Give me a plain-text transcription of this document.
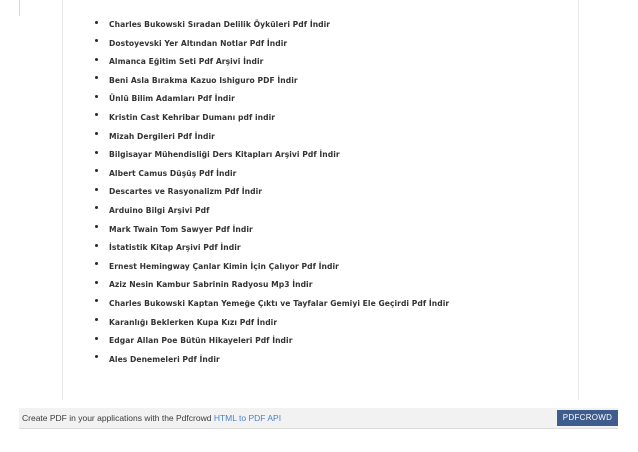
Charles Bukowski Sıradan Delilik Öyküleri Pdf İndir
Dostoyevski Yer Altından Notlar Pdf İndir
Almanca Eğitim Seti Pdf Arşivi İndir
Beni Asla Bırakma Kazuo Ishiguro PDF İndir
Ünlü Bilim Adamları Pdf İndir
Kristin Cast Kehribar Dumanı pdf indir
Mizah Dergileri Pdf İndir
Bilgisayar Mühendisliği Ders Kitapları Arşivi Pdf İndir
Albert Camus Düşüş Pdf İndir
Descartes ve Rasyonalizm Pdf İndir
Arduino Bilgi Arşivi Pdf
Mark Twain Tom Sawyer Pdf İndir
İstatistik Kitap Arşivi Pdf İndir
Ernest Hemingway Çanlar Kimin İçin Çalıyor Pdf İndir
Aziz Nesin Kambur Sabrinin Radyosu Mp3 İndir
Charles Bukowski Kaptan Yemeğe Çıktı ve Tayfalar Gemiyi Ele Geçirdi Pdf İndir
Karanlığı Beklerken Kupa Kızı Pdf İndir
Edgar Allan Poe Bütün Hikayeleri Pdf İndir
Ales Denemeleri Pdf İndir
Create PDF in your applications with the Pdfcrowd HTML to PDF API	PDFCROWD
